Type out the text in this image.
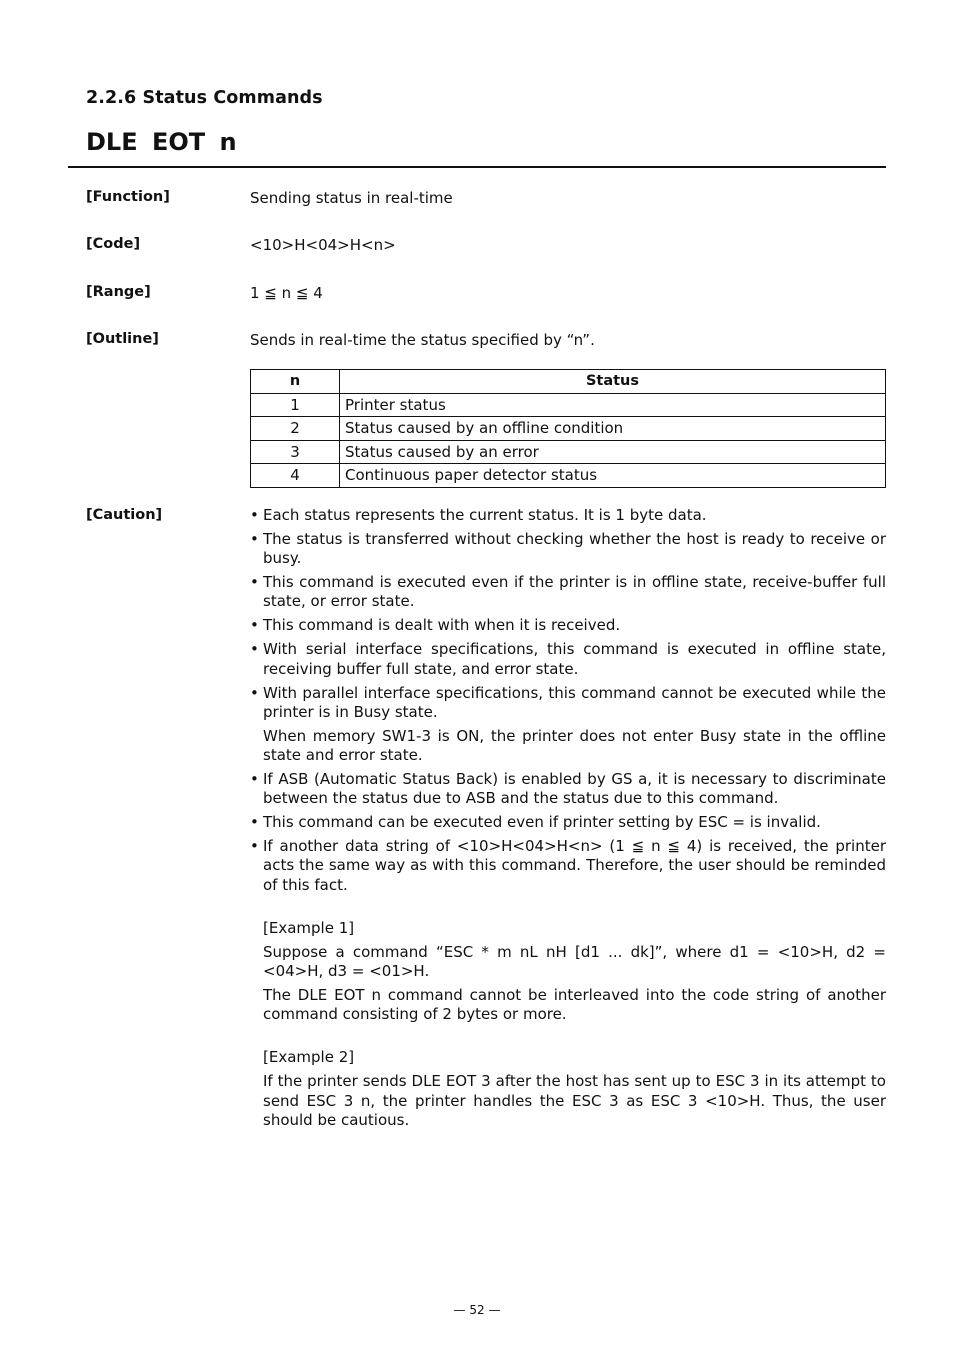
2.2.6 Status Commands
DLE EOT n
[Function]	Sending status in real-time
[Code]	<10>H<04>H<n>
[Range]	1 ≦ n ≦ 4
[Outline]	Sends in real-time the status specified by “n”.
n	Status
1	Printer status
2	Status caused by an offline condition
3	Status caused by an error
4	Continuous paper detector status
[Caution]	• Each status represents the current status. It is 1 byte data.
• The status is transferred without checking whether the host is ready to receive or busy.
• This command is executed even if the printer is in offline state, receive-buffer full state, or error state.
• This command is dealt with when it is received.
• With serial interface specifications, this command is executed in offline state, receiving buffer full state, and error state.
• With parallel interface specifications, this command cannot be executed while the printer is in Busy state.

When memory SW1-3 is ON, the printer does not enter Busy state in the offline state and error state.

• If ASB (Automatic Status Back) is enabled by GS a, it is necessary to discriminate between the status due to ASB and the status due to this command.
• This command can be executed even if printer setting by ESC = is invalid.
• If another data string of <10>H<04>H<n> (1 ≦ n ≦ 4) is received, the printer acts the same way as with this command. Therefore, the user should be reminded of this fact.

[Example 1]

Suppose a command “ESC * m nL nH [d1 ... dk]”, where d1 = <10>H, d2 = <04>H, d3 = <01>H.

The DLE EOT n command cannot be interleaved into the code string of another command consisting of 2 bytes or more.

[Example 2]

If the printer sends DLE EOT 3 after the host has sent up to ESC 3 in its attempt to send ESC 3 n, the printer handles the ESC 3 as ESC 3 <10>H. Thus, the user should be cautious.

— 52 —
